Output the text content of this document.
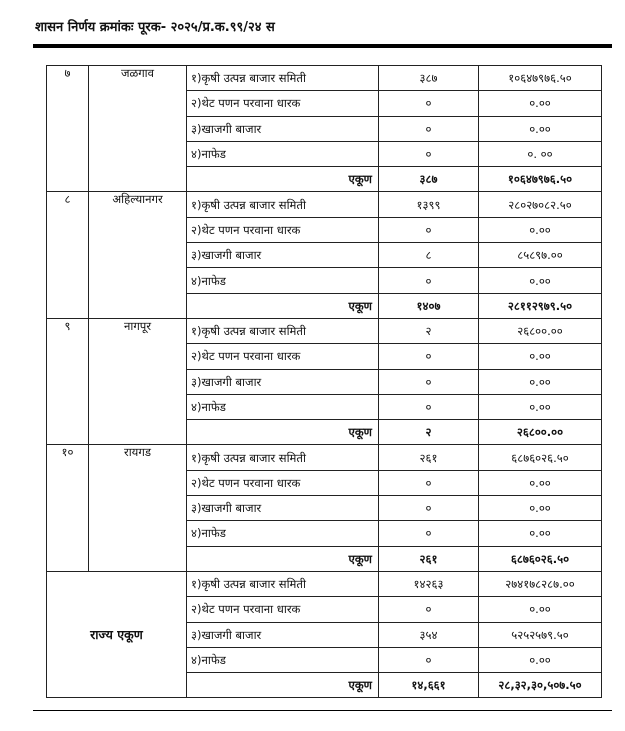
शासन निर्णय क्रमांकः पूरक- २०२५/प्र.क.९९/२४ स
७	जळगाव	१)कृषी उत्पन्न बाजार समिती	३८७	१०६४७९७६.५०
		२)थेट पणन परवाना धारक	०	०.००
		३)खाजगी बाजार	०	०.००
		४)नाफेड	०	०. ००
		एकूण	३८७	१०६४७९७६.५०
८	अहिल्यानगर	१)कृषी उत्पन्न बाजार समिती	१३९९	२८०२७०८२.५०
		२)थेट पणन परवाना धारक	०	०.००
		३)खाजगी बाजार	८	८५८९७.००
		४)नाफेड	०	०.००
		एकूण	१४०७	२८११२९७९.५०
९	नागपूर	१)कृषी उत्पन्न बाजार समिती	२	२६८००.००
		२)थेट पणन परवाना धारक	०	०.००
		३)खाजगी बाजार	०	०.००
		४)नाफेड	०	०.००
		एकूण	२	२६८००.००
१०	रायगड	१)कृषी उत्पन्न बाजार समिती	२६१	६८७६०२६.५०
		२)थेट पणन परवाना धारक	०	०.००
		३)खाजगी बाजार	०	०.००
		४)नाफेड	०	०.००
		एकूण	२६१	६८७६०२६.५०
राज्य एकूण		१)कृषी उत्पन्न बाजार समिती	१४२६३	२७४१७८२८७.००
		२)थेट पणन परवाना धारक	०	०.००
		३)खाजगी बाजार	३५४	५२५२५७९.५०
		४)नाफेड	०	०.००
		एकूण	१४,६६१	२८,३२,३०,५०७.५०
